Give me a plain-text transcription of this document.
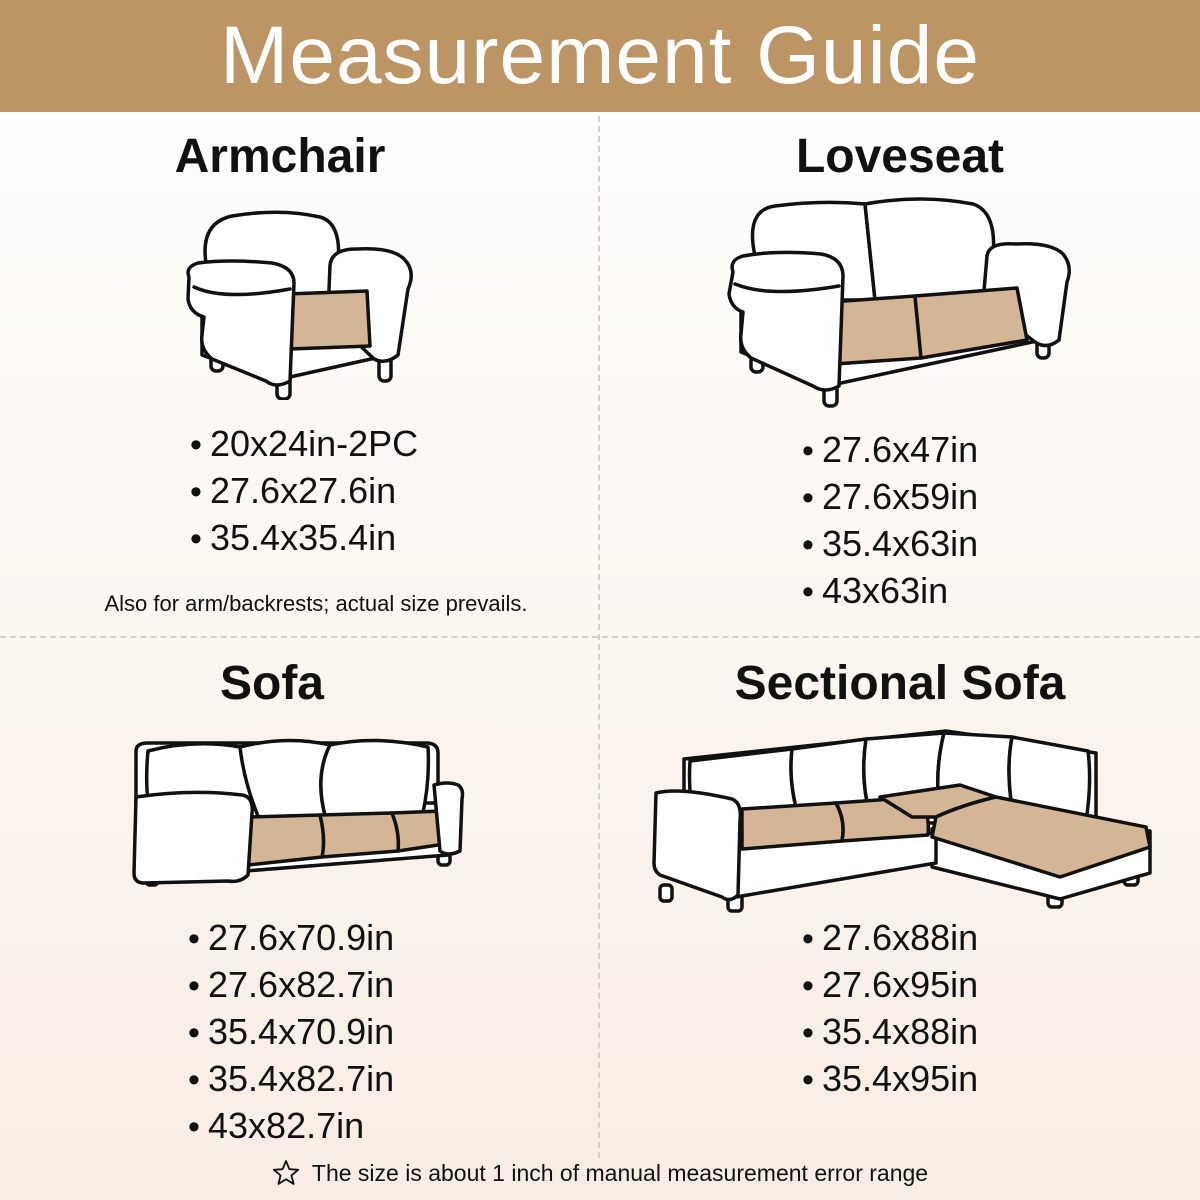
Measurement Guide
Armchair
• 20x24in-2PC
• 27.6x27.6in
• 35.4x35.4in

Also for arm/backrests; actual size prevails.

Loveseat
• 27.6x47in
• 27.6x59in
• 35.4x63in
• 43x63in
Sofa
• 27.6x70.9in
• 27.6x82.7in
• 35.4x70.9in
• 35.4x82.7in
• 43x82.7in
Sectional Sofa
• 27.6x88in
• 27.6x95in
• 35.4x88in
• 35.4x95in
The size is about 1 inch of manual measurement error range
